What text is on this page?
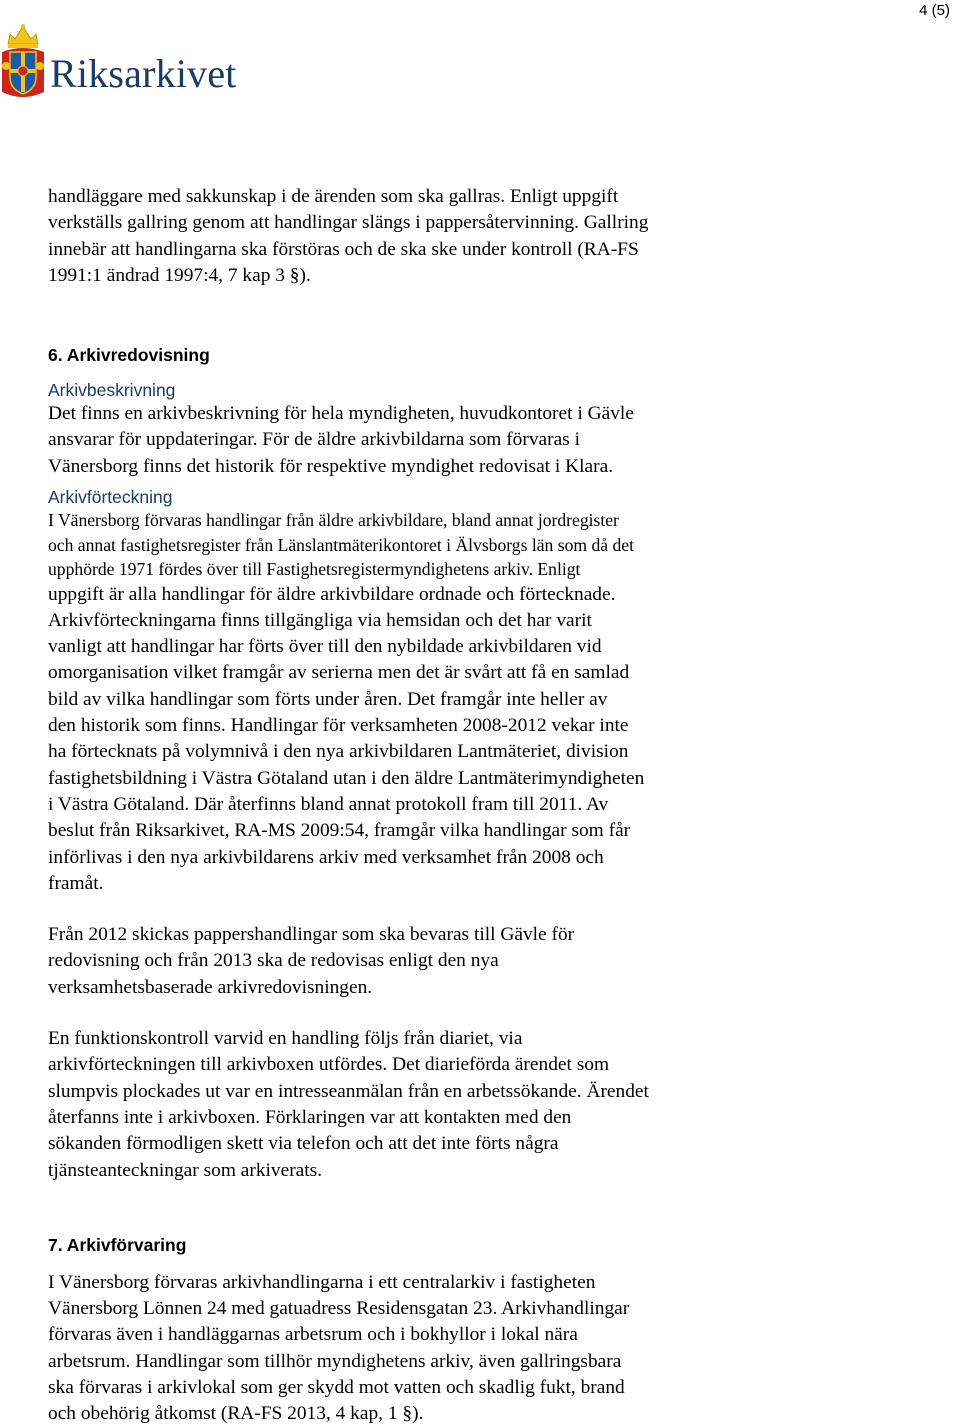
4 (5)
Riksarkivet
handläggare med sakkunskap i de ärenden som ska gallras. Enligt uppgift
verkställs gallring genom att handlingar slängs i pappersåtervinning. Gallring
innebär att handlingarna ska förstöras och de ska ske under kontroll (RA-FS
1991:1 ändrad 1997:4, 7 kap 3 §).
6. Arkivredovisning
Arkivbeskrivning
Det finns en arkivbeskrivning för hela myndigheten, huvudkontoret i Gävle
ansvarar för uppdateringar. För de äldre arkivbildarna som förvaras i
Vänersborg finns det historik för respektive myndighet redovisat i Klara.
Arkivförteckning
I Vänersborg förvaras handlingar från äldre arkivbildare, bland annat jordregister
och annat fastighetsregister från Länslantmäterikontoret i Älvsborgs län som då det
upphörde 1971 fördes över till Fastighetsregistermyndighetens arkiv. Enligt
uppgift är alla handlingar för äldre arkivbildare ordnade och förtecknade.
Arkivförteckningarna finns tillgängliga via hemsidan och det har varit
vanligt att handlingar har förts över till den nybildade arkivbildaren vid
omorganisation vilket framgår av serierna men det är svårt att få en samlad
bild av vilka handlingar som förts under åren. Det framgår inte heller av
den historik som finns. Handlingar för verksamheten 2008-2012 vekar inte
ha förtecknats på volymnivå i den nya arkivbildaren Lantmäteriet, division
fastighetsbildning i Västra Götaland utan i den äldre Lantmäterimyndigheten
i Västra Götaland. Där återfinns bland annat protokoll fram till 2011. Av
beslut från Riksarkivet, RA-MS 2009:54, framgår vilka handlingar som får
införlivas i den nya arkivbildarens arkiv med verksamhet från 2008 och
framåt.
Från 2012 skickas pappershandlingar som ska bevaras till Gävle för
redovisning och från 2013 ska de redovisas enligt den nya
verksamhetsbaserade arkivredovisningen.
En funktionskontroll varvid en handling följs från diariet, via
arkivförteckningen till arkivboxen utfördes. Det diarieförda ärendet som
slumpvis plockades ut var en intresseanmälan från en arbetssökande. Ärendet
återfanns inte i arkivboxen. Förklaringen var att kontakten med den
sökanden förmodligen skett via telefon och att det inte förts några
tjänsteanteckningar som arkiverats.
7. Arkivförvaring
I Vänersborg förvaras arkivhandlingarna i ett centralarkiv i fastigheten
Vänersborg Lönnen 24 med gatuadress Residensgatan 23. Arkivhandlingar
förvaras även i handläggarnas arbetsrum och i bokhyllor i lokal nära
arbetsrum. Handlingar som tillhör myndighetens arkiv, även gallringsbara
ska förvaras i arkivlokal som ger skydd mot vatten och skadlig fukt, brand
och obehörig åtkomst (RA-FS 2013, 4 kap, 1 §).
